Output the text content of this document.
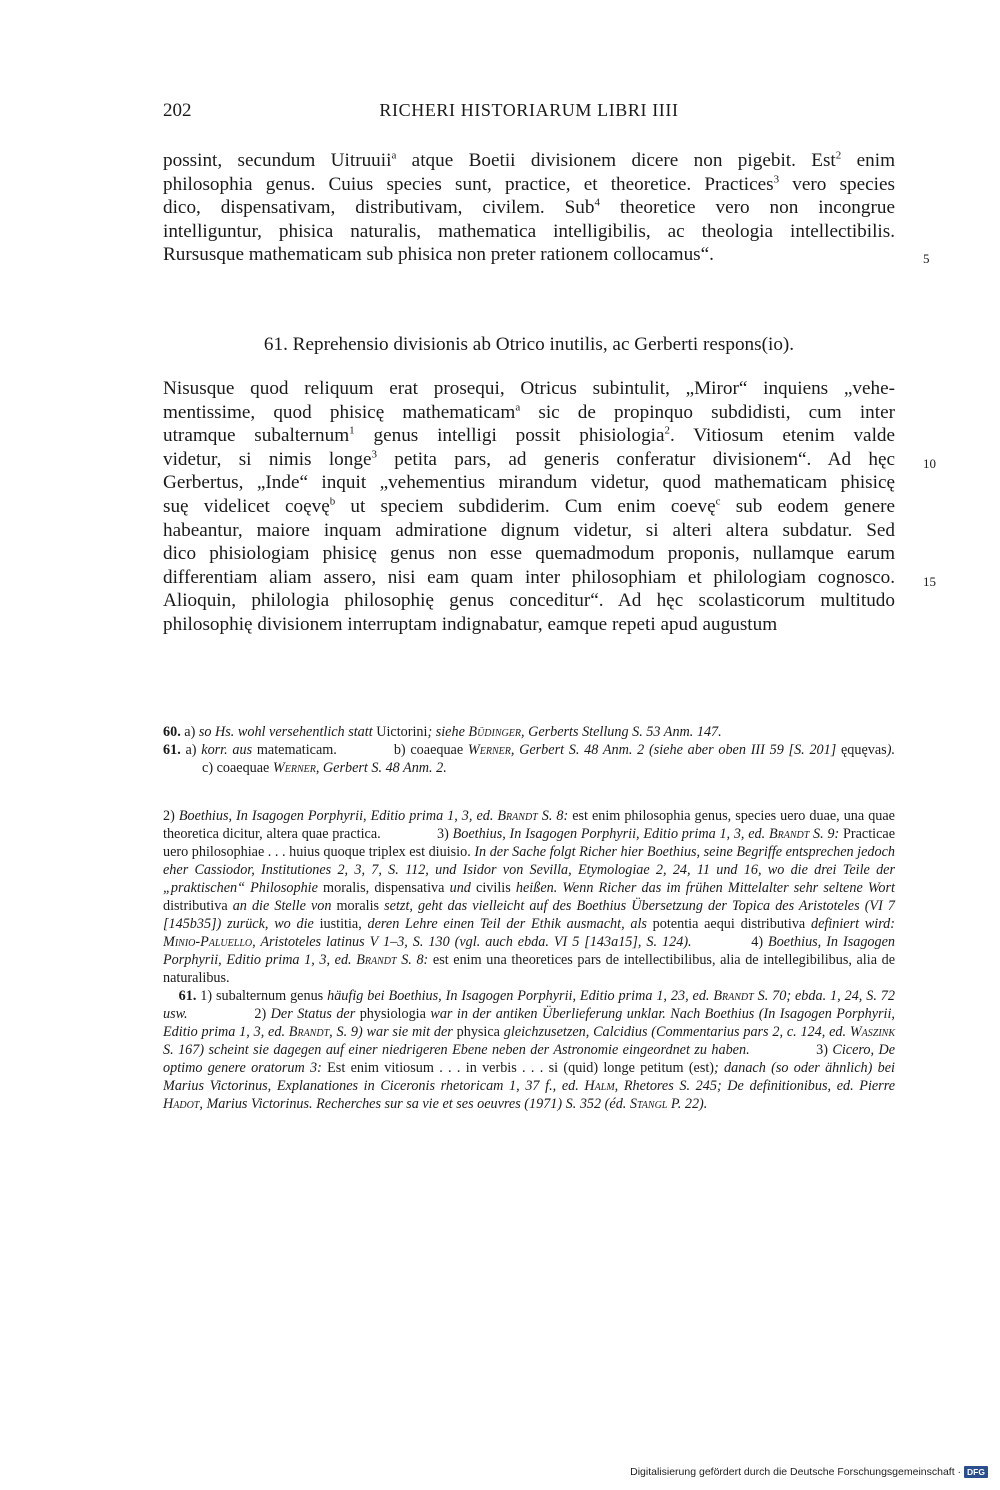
202	RICHERI HISTORIARUM LIBRI IIII
possint, secundum Uitruuii$^a$ atque Boetii divisionem dicere non pigebit. Est$^2$ enim
philosophia genus. Cuius species sunt, practice, et theoretice. Practices$^3$ vero species
dico, dispensativam, distributivam, civilem. Sub$^4$ theoretice vero non incongrue
intelliguntur, phisica naturalis, mathematica intelligibilis, ac theologia intellectibilis.
Rursusque mathematicam sub phisica non preter rationem collocamus“.	5
61. Reprehensio divisionis ab Otrico inutilis, ac Gerberti respons(io).
Nisusque quod reliquum erat prosequi, Otricus subintulit, „Miror“ inquiens „vehe-
mentissime, quod phisicę mathematicam$^a$ sic de propinquo subdidisti, cum inter
utramque subalternum$^1$ genus intelligi possit phisiologia$^2$. Vitiosum etenim valde
videtur, si nimis longe$^3$ petita pars, ad generis conferatur divisionem“. Ad hęc 10
Gerbertus, „Inde“ inquit „vehementius mirandum videtur, quod mathematicam phisicę
suę videlicet coęvę$^b$ ut speciem subdiderim. Cum enim coevę$^c$ sub eodem genere
habeantur, maiore inquam admiratione dignum videtur, si alteri altera subdatur. Sed
dico phisiologiam phisicę genus non esse quemadmodum proponis, nullamque earum
differentiam aliam assero, nisi eam quam inter philosophiam et philologiam cognosco. 15
Alioquin, philologia philosophię genus conceditur“. Ad hęc scolasticorum multitudo
philosophię divisionem interruptam indignabatur, eamque repeti apud augustum

60. a) so Hs. wohl versehentlich statt Uictorini; siehe Büdinger, Gerberts Stellung S. 53 Anm. 147.

61. a) korr. aus matematicam.            b) coaequae Werner, Gerbert S. 48 Anm. 2 (siehe aber oben III 59 [S. 201] ęquęvas).            c) coaequae Werner, Gerbert S. 48 Anm. 2.

2) Boethius, In Isagogen Porphyrii, Editio prima 1, 3, ed. Brandt S. 8: est enim philosophia genus, species uero duae, una quae theoretica dicitur, altera quae practica.               3) Boethius, In Isagogen Porphyrii, Editio prima 1, 3, ed. Brandt S. 9: Practicae uero philosophiae . . . huius quoque triplex est diuisio. In der Sache folgt Richer hier Boethius, seine Begriffe entsprechen jedoch eher Cassiodor, Institutiones 2, 3, 7, S. 112, und Isidor von Sevilla, Etymologiae 2, 24, 11 und 16, wo die drei Teile der „praktischen“ Philosophie moralis, dispensativa und civilis heißen. Wenn Richer das im frühen Mittelalter sehr seltene Wort distributiva an die Stelle von moralis setzt, geht das vielleicht auf des Boethius Übersetzung der Topica des Aristoteles (VI 7 [145b35]) zurück, wo die iustitia, deren Lehre einen Teil der Ethik ausmacht, als potentia aequi distributiva definiert wird: Minio-Paluello, Aristoteles latinus V 1–3, S. 130 (vgl. auch ebda. VI 5 [143a15], S. 124).            4) Boethius, In Isagogen Porphyrii, Editio prima 1, 3, ed. Brandt S. 8: est enim una theoretices pars de intellectibilibus, alia de intellegibilibus, alia de naturalibus.

61. 1) subalternum genus häufig bei Boethius, In Isagogen Porphyrii, Editio prima 1, 23, ed. Brandt S. 70; ebda. 1, 24, S. 72 usw.               2) Der Status der physiologia war in der antiken Überlieferung unklar. Nach Boethius (In Isagogen Porphyrii, Editio prima 1, 3, ed. Brandt, S. 9) war sie mit der physica gleichzusetzen, Calcidius (Commentarius pars 2, c. 124, ed. Waszink S. 167) scheint sie dagegen auf einer niedrigeren Ebene neben der Astronomie eingeordnet zu haben.               3) Cicero, De optimo genere oratorum 3: Est enim vitiosum . . . in verbis . . . si (quid) longe petitum (est); danach (so oder ähnlich) bei Marius Victorinus, Explanationes in Ciceronis rhetoricam 1, 37 f., ed. Halm, Rhetores S. 245; De definitionibus, ed. Pierre Hadot, Marius Victorinus. Recherches sur sa vie et ses oeuvres (1971) S. 352 (éd. Stangl P. 22).

Digitalisierung gefördert durch die Deutsche Forschungsgemeinschaft · DFG
